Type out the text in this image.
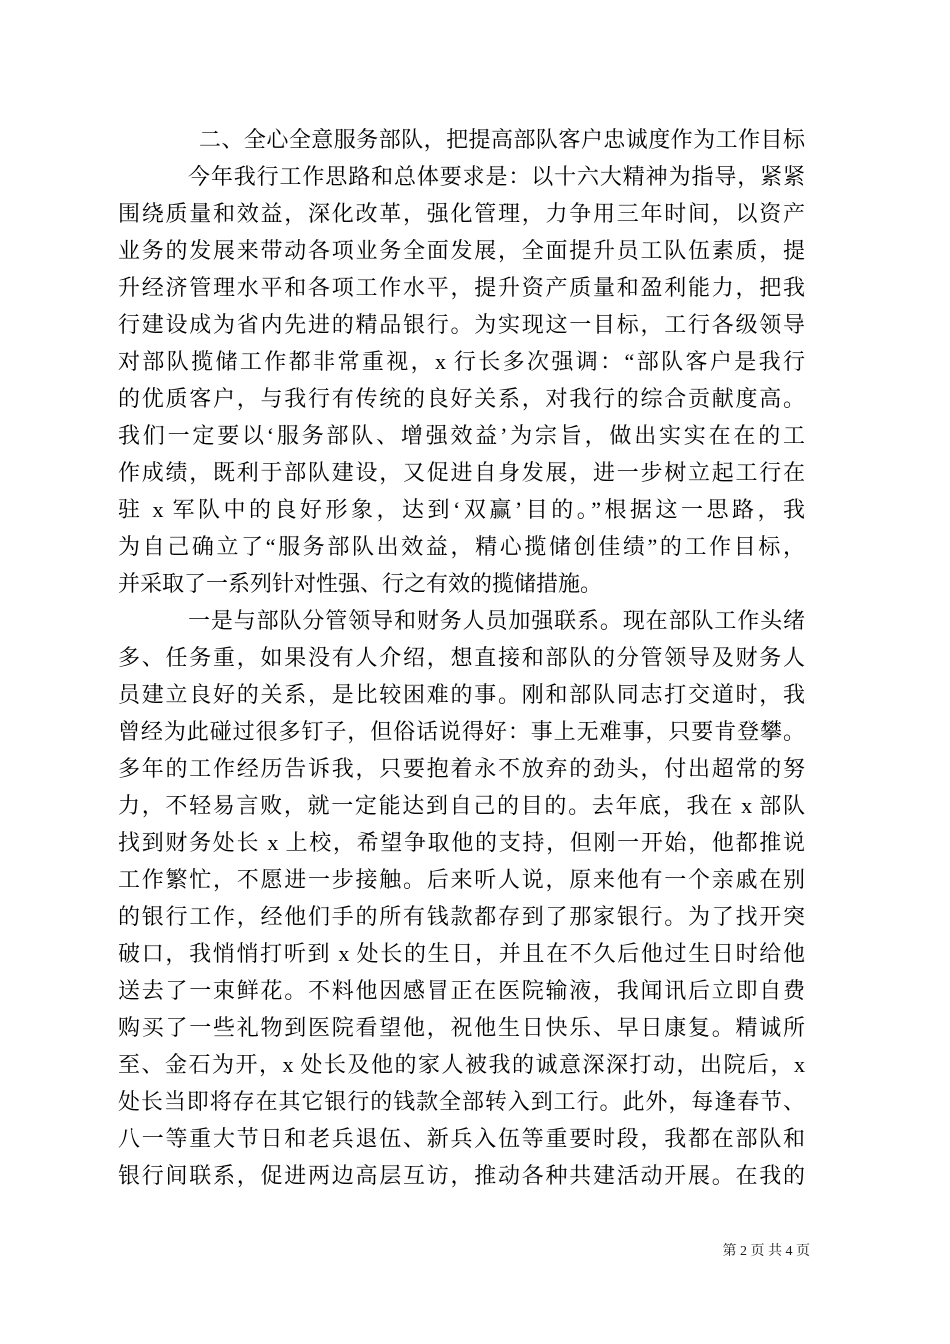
二、全心全意服务部队，把提高部队客户忠诚度作为工作目标
今年我行工作思路和总体要求是：以十六大精神为指导，紧紧
围绕质量和效益，深化改革，强化管理，力争用三年时间，以资产
业务的发展来带动各项业务全面发展，全面提升员工队伍素质，提
升经济管理水平和各项工作水平，提升资产质量和盈利能力，把我
行建设成为省内先进的精品银行。为实现这一目标，工行各级领导
对部队揽储工作都非常重视，x 行长多次强调：“部队客户是我行
的优质客户，与我行有传统的良好关系，对我行的综合贡献度高。
我们一定要以‘服务部队、增强效益’为宗旨，做出实实在在的工
作成绩，既利于部队建设，又促进自身发展，进一步树立起工行在
驻 x 军队中的良好形象，达到‘双赢’目的。”根据这一思路，我
为自己确立了“服务部队出效益，精心揽储创佳绩”的工作目标，
并采取了一系列针对性强、行之有效的揽储措施。
一是与部队分管领导和财务人员加强联系。现在部队工作头绪
多、任务重，如果没有人介绍，想直接和部队的分管领导及财务人
员建立良好的关系，是比较困难的事。刚和部队同志打交道时，我
曾经为此碰过很多钉子，但俗话说得好：事上无难事，只要肯登攀。
多年的工作经历告诉我，只要抱着永不放弃的劲头，付出超常的努
力，不轻易言败，就一定能达到自己的目的。去年底，我在 x 部队
找到财务处长 x 上校，希望争取他的支持，但刚一开始，他都推说
工作繁忙，不愿进一步接触。后来听人说，原来他有一个亲戚在别
的银行工作，经他们手的所有钱款都存到了那家银行。为了找开突
破口，我悄悄打听到 x 处长的生日，并且在不久后他过生日时给他
送去了一束鲜花。不料他因感冒正在医院输液，我闻讯后立即自费
购买了一些礼物到医院看望他，祝他生日快乐、早日康复。精诚所
至、金石为开，x 处长及他的家人被我的诚意深深打动，出院后，x
处长当即将存在其它银行的钱款全部转入到工行。此外，每逢春节、
八一等重大节日和老兵退伍、新兵入伍等重要时段，我都在部队和
银行间联系，促进两边高层互访，推动各种共建活动开展。在我的
第 2 页 共 4 页
